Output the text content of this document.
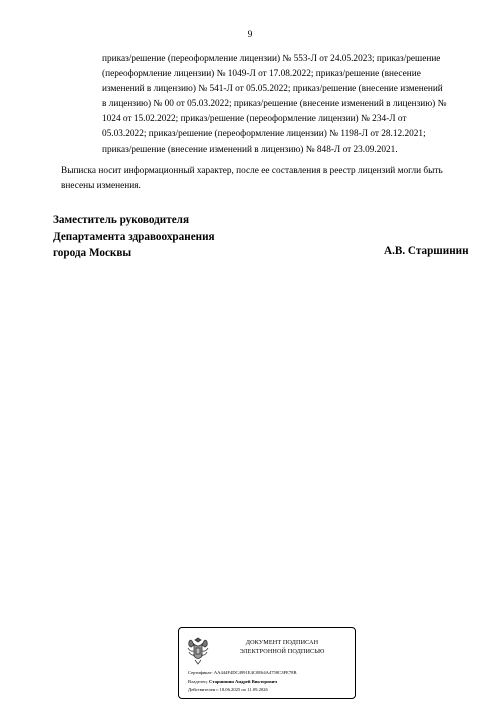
9
приказ/решение (переоформление лицензии) № 553-Л от 24.05.2023; приказ/решение
(переоформление лицензии) № 1049-Л от 17.08.2022; приказ/решение (внесение
изменений в лицензию) № 541-Л от 05.05.2022; приказ/решение (внесение изменений
в лицензию) № 00 от 05.03.2022; приказ/решение (внесение изменений в лицензию) №
1024 от 15.02.2022; приказ/решение (переоформление лицензии) № 234-Л от
05.03.2022; приказ/решение (переоформление лицензии) № 1198-Л от 28.12.2021;
приказ/решение (внесение изменений в лицензию) № 848-Л от 23.09.2021.
Выписка носит информационный характер, после ее составления в реестр лицензий могли быть
внесены изменения.
Заместитель руководителя
Департамента здравоохранения
города Москвы	А.В. Старшинин
ДОКУМЕНТ ПОДПИСАН
ЭЛЕКТРОННОЙ ПОДПИСЬЮ
Сертификат: AA444F4DC4991E4C0E64A4758C3FE78B
Владелец: Старшинин Андрей Викторович
Действителен с 18.06.2025 по 11.09.2026
